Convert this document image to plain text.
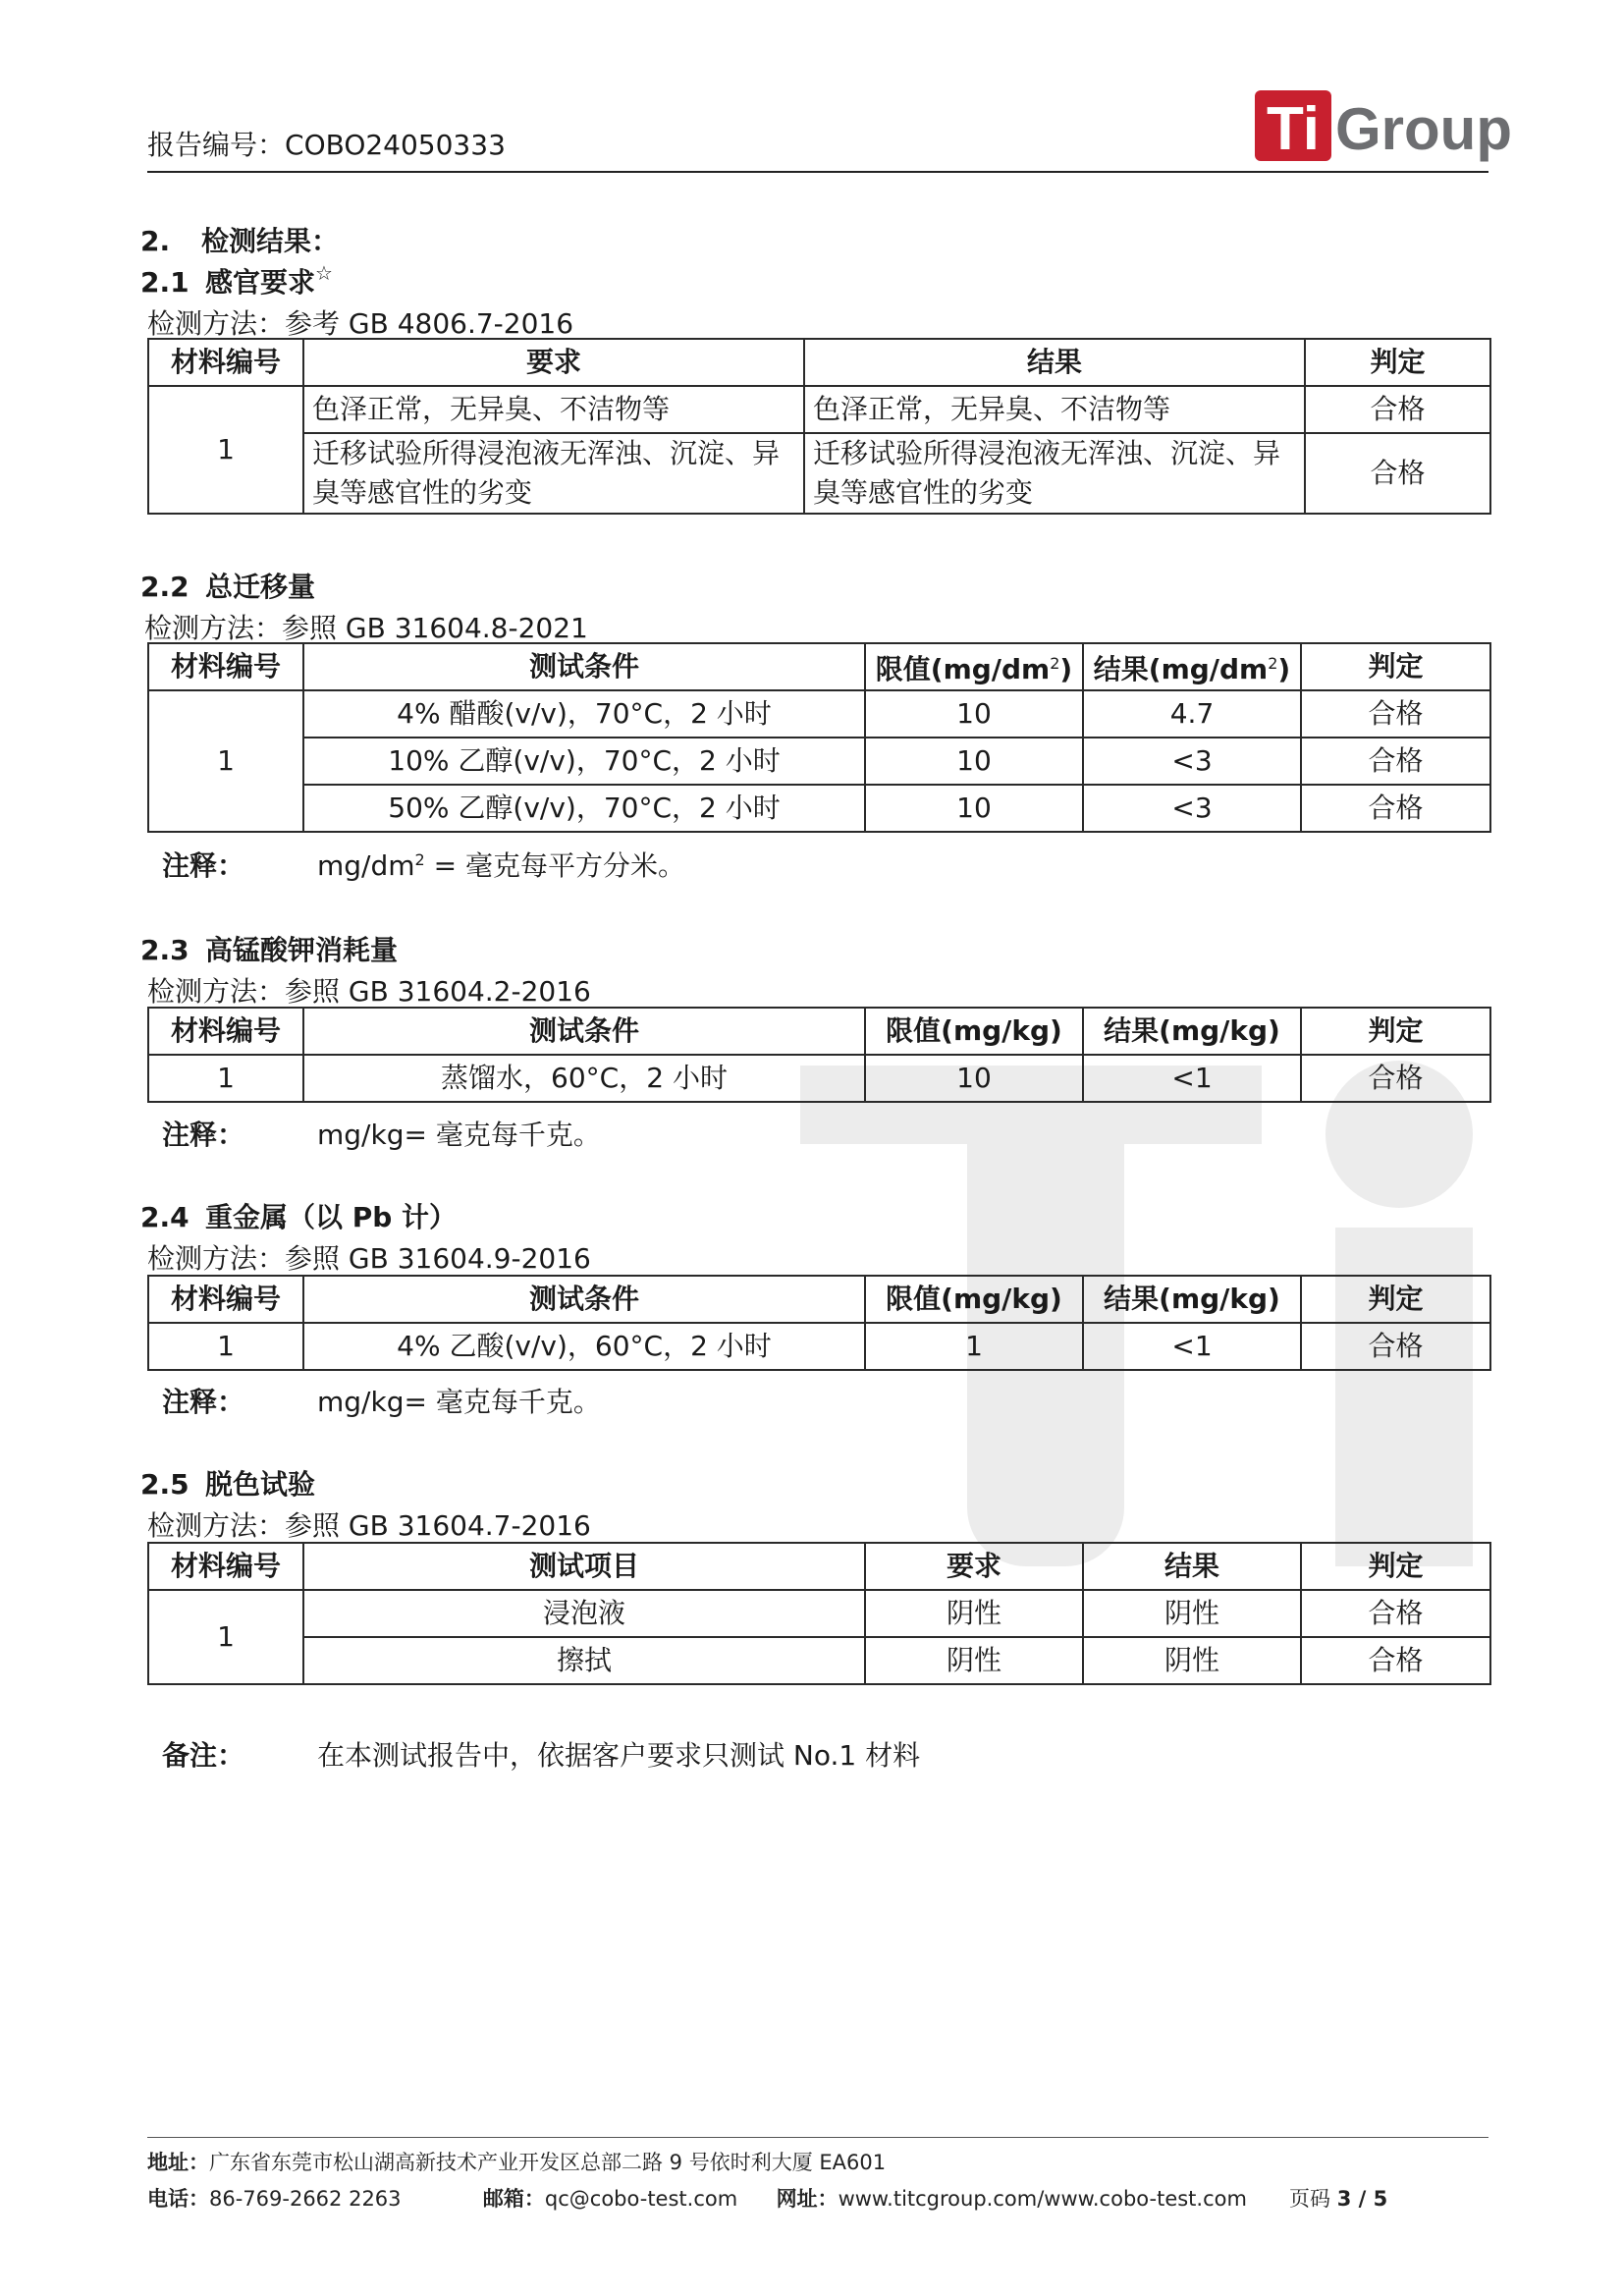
报告编号：COBO24050333	Ti Group
2. 检测结果：
2.1 感官要求☆
检测方法：参考 GB 4806.7-2016
材料编号	要求	结果	判定
1	色泽正常，无异臭、不洁物等	色泽正常，无异臭、不洁物等	合格
	迁移试验所得浸泡液无浑浊、沉淀、异臭等感官性的劣变	迁移试验所得浸泡液无浑浊、沉淀、异臭等感官性的劣变	合格
2.2 总迁移量
检测方法：参照 GB 31604.8-2021
材料编号	测试条件	限值$(mg/dm^2)$	结果$(mg/dm^2)$	判定
1	4% 醋酸(v/v)，70°C，2 小时	10	4.7	合格
	10% 乙醇(v/v)，70°C，2 小时	10	<3	合格
	50% 乙醇(v/v)，70°C，2 小时	10	<3	合格
注释：	$mg/dm^2$ = 毫克每平方分米。
2.3 高锰酸钾消耗量
检测方法：参照 GB 31604.2-2016
材料编号	测试条件	限值(mg/kg)	结果(mg/kg)	判定
1	蒸馏水，60°C，2 小时	10	<1	合格
注释：	mg/kg= 毫克每千克。
2.4 重金属（以 Pb 计）
检测方法：参照 GB 31604.9-2016
材料编号	测试条件	限值(mg/kg)	结果(mg/kg)	判定
1	4% 乙酸(v/v)，60°C，2 小时	1	<1	合格
注释：	mg/kg= 毫克每千克。
2.5 脱色试验
检测方法：参照 GB 31604.7-2016
材料编号	测试项目	要求	结果	判定
1	浸泡液	阴性	阴性	合格
	擦拭	阴性	阴性	合格
备注：	在本测试报告中，依据客户要求只测试 No.1 材料
地址：广东省东莞市松山湖高新技术产业开发区总部二路 9 号依时利大厦 EA601
电话：86-769-2662 2263	邮箱：qc@cobo-test.com 网址：www.titcgroup.com/www.cobo-test.com	页码 3 / 5
